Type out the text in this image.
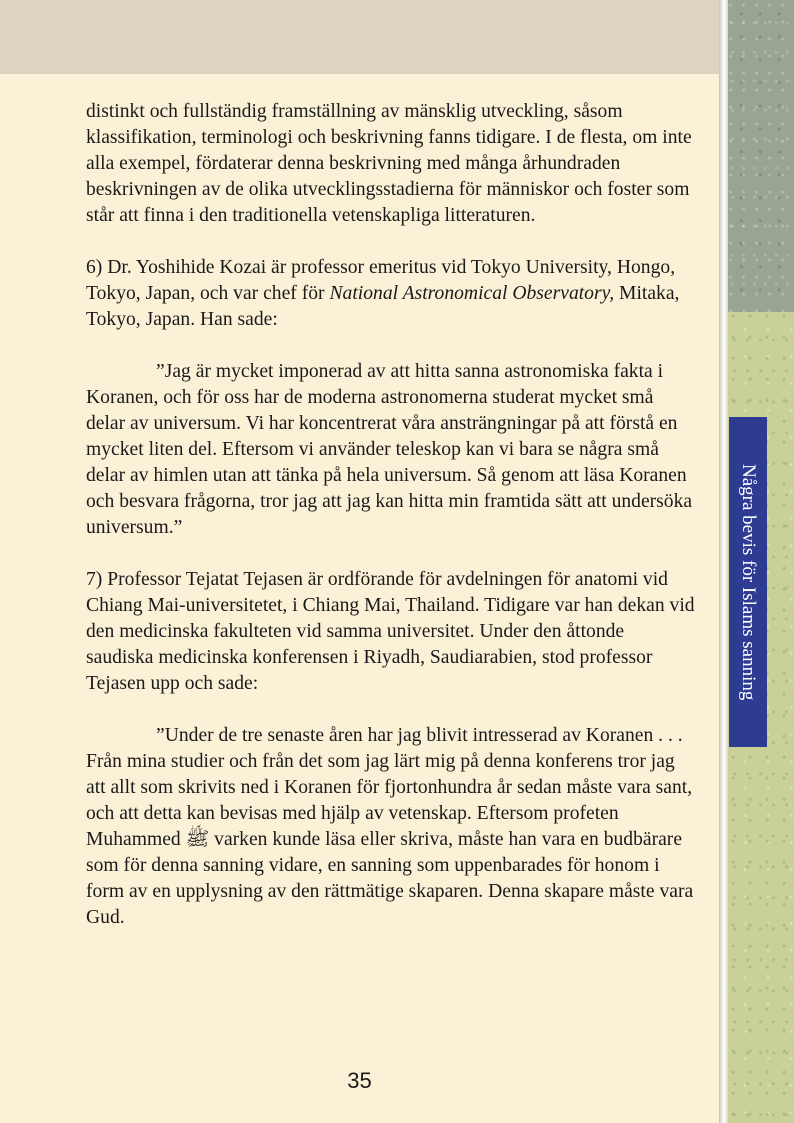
Några bevis för Islams sanning

distinkt och fullständig framställning av mänsklig utveckling, såsom klassifikation, terminologi och beskrivning fanns tidigare. I de flesta, om inte alla exempel, fördaterar denna beskrivning med många århundraden beskrivningen av de olika utvecklingsstadierna för människor och foster som står att finna i den traditionella vetenskapliga litteraturen.

6) Dr. Yoshihide Kozai är professor emeritus vid Tokyo University, Hongo, Tokyo, Japan, och var chef för National Astronomical Observatory, Mitaka, Tokyo, Japan. Han sade:

”Jag är mycket imponerad av att hitta sanna astronomiska fakta i Koranen, och för oss har de moderna astronomerna studerat mycket små delar av universum. Vi har koncentrerat våra ansträngningar på att förstå en mycket liten del. Eftersom vi använder teleskop kan vi bara se några små delar av himlen utan att tänka på hela universum. Så genom att läsa Koranen och besvara frågorna, tror jag att jag kan hitta min framtida sätt att undersöka universum.”

7) Professor Tejatat Tejasen är ordförande för avdelningen för anatomi vid Chiang Mai-universitetet, i Chiang Mai, Thailand. Tidigare var han dekan vid den medicinska fakulteten vid samma universitet. Under den åttonde saudiska medicinska konferensen i Riyadh, Saudiarabien, stod professor Tejasen upp och sade:

”Under de tre senaste åren har jag blivit intresserad av Koranen . . . Från mina studier och från det som jag lärt mig på denna konferens tror jag att allt som skrivits ned i Koranen för fjortonhundra år sedan måste vara sant, och att detta kan bevisas med hjälp av vetenskap. Eftersom profeten Muhammed ﷺ varken kunde läsa eller skriva, måste han vara en budbärare som för denna sanning vidare, en sanning som uppenbarades för honom i form av en upplysning av den rättmätige skaparen. Denna skapare måste vara Gud.

35
